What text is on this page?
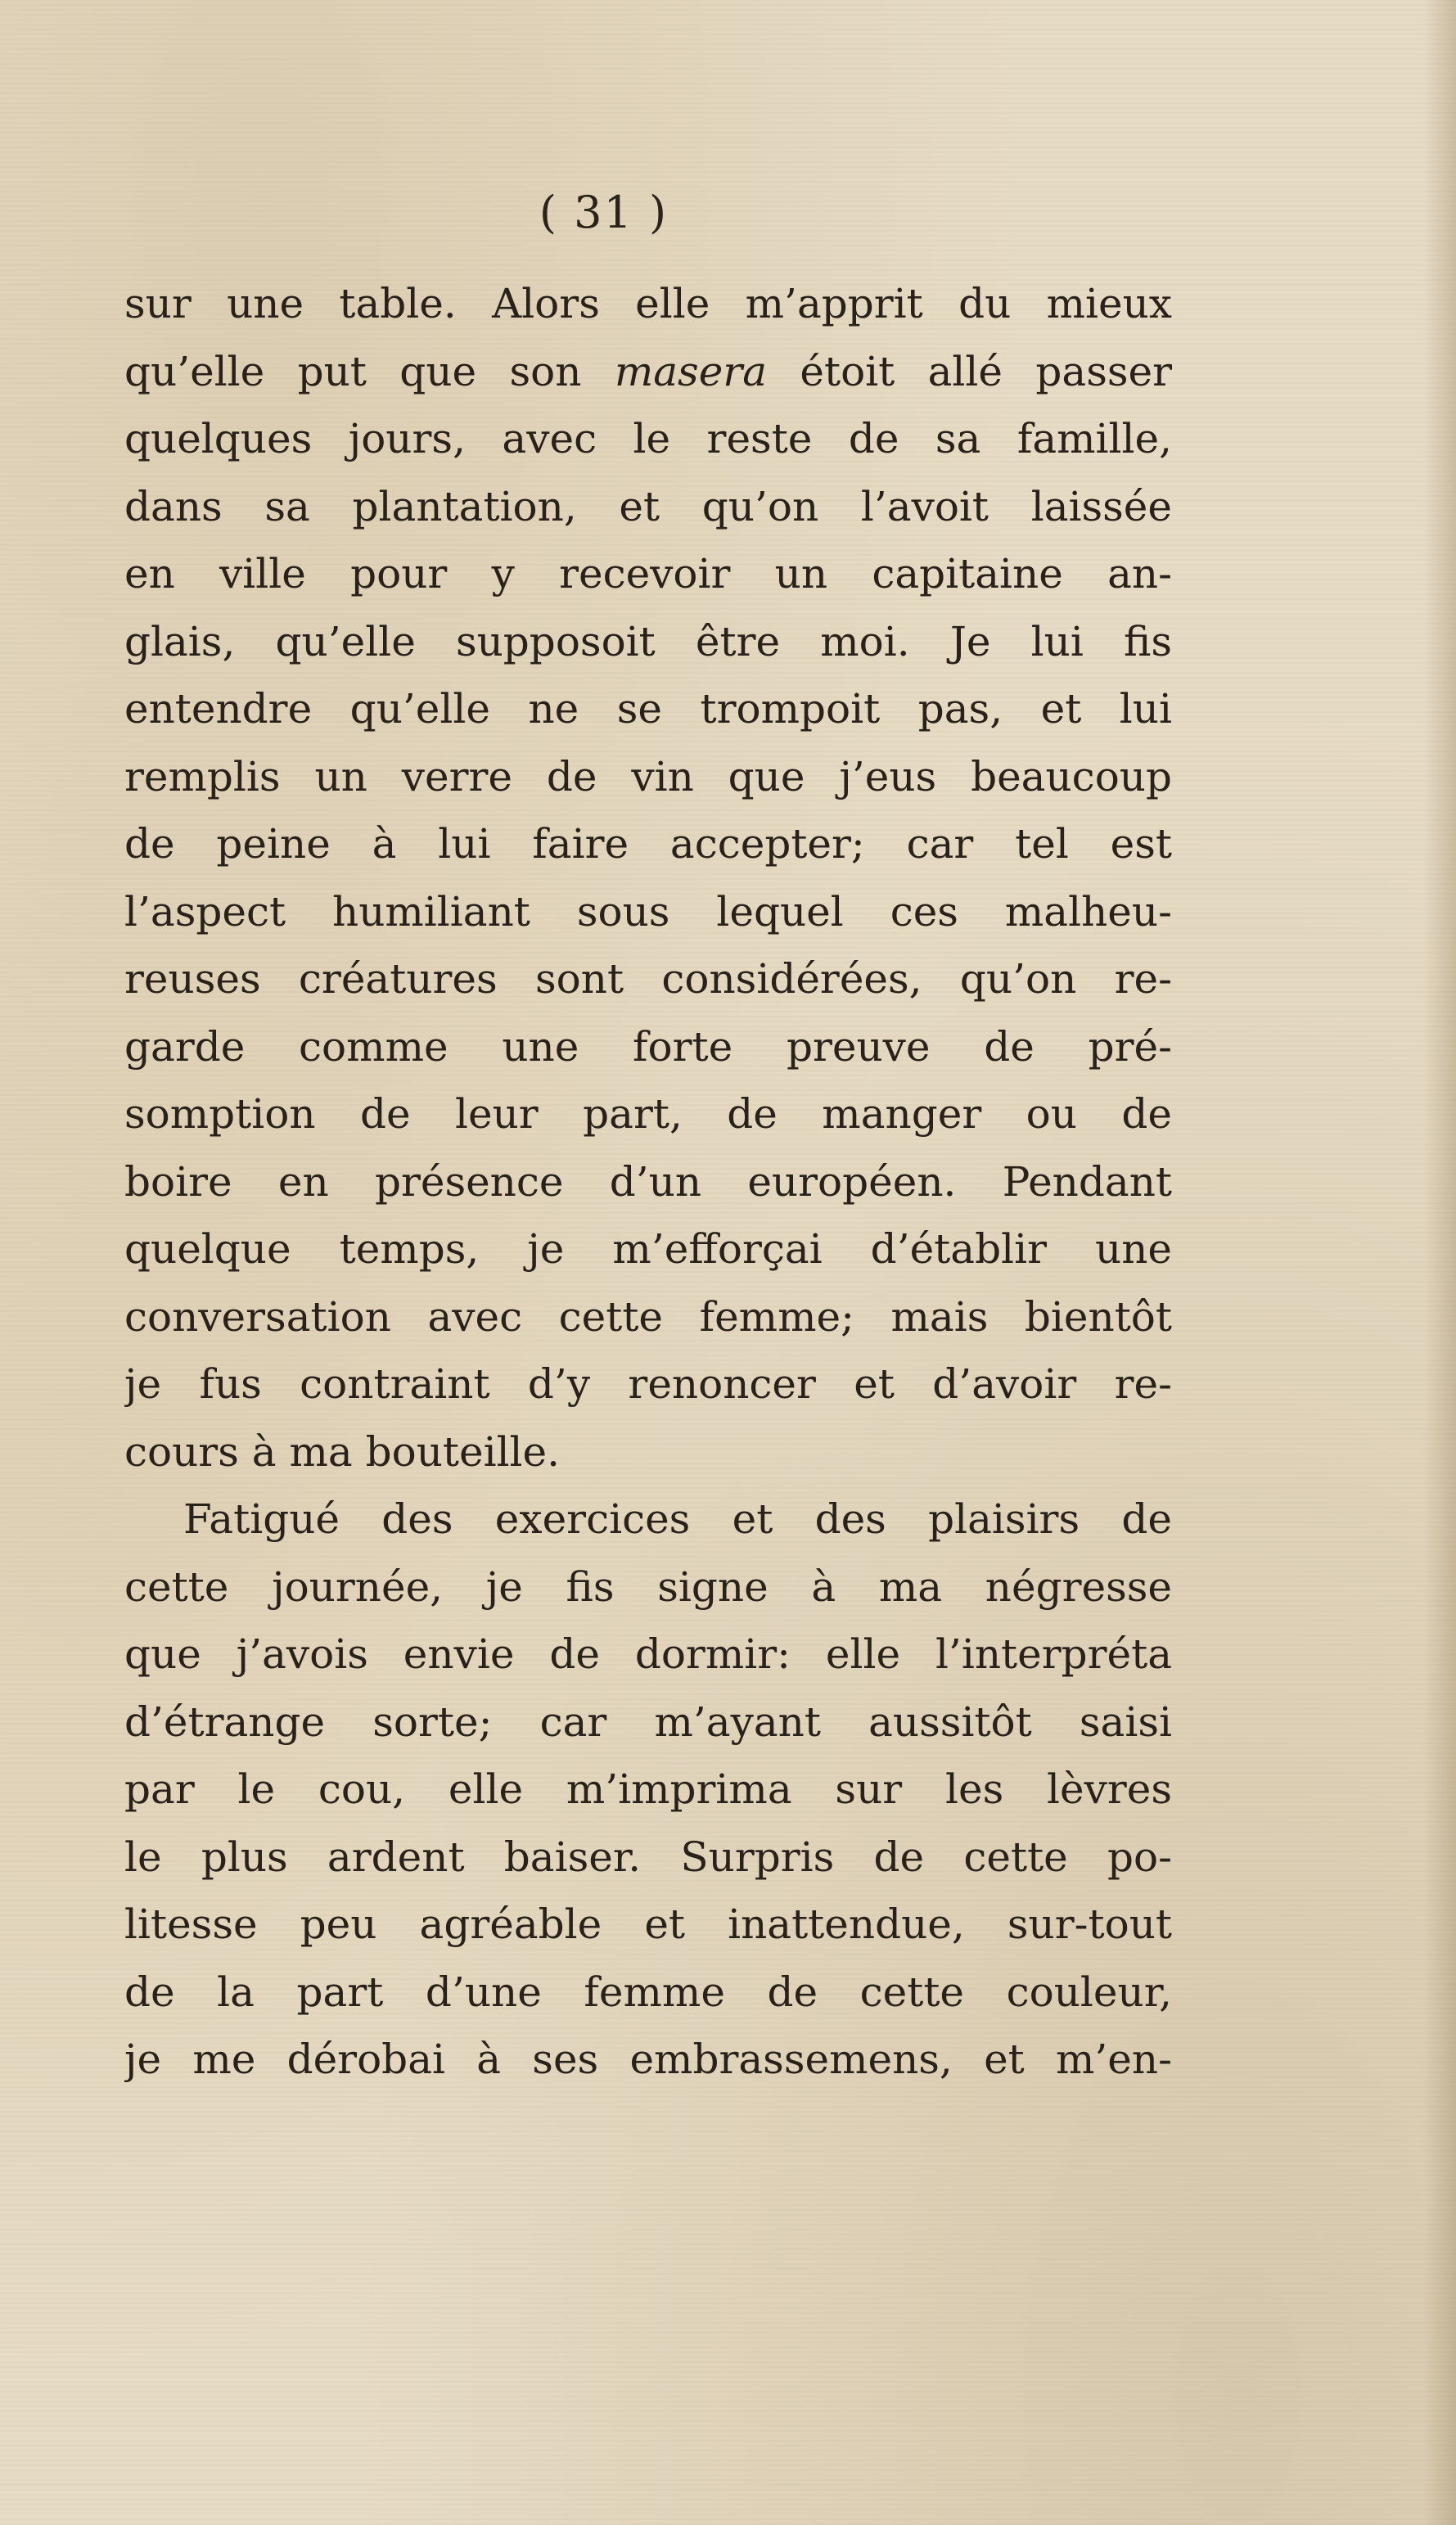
( 31 )
sur une table. Alors elle m’apprit du mieux
qu’elle put que son masera étoit allé passer
quelques jours, avec le reste de sa famille,
dans sa plantation, et qu’on l’avoit laissée
en ville pour y recevoir un capitaine an-
glais, qu’elle supposoit être moi. Je lui fis
entendre qu’elle ne se trompoit pas, et lui
remplis un verre de vin que j’eus beaucoup
de peine à lui faire accepter; car tel est
l’aspect humiliant sous lequel ces malheu-
reuses créatures sont considérées, qu’on re-
garde comme une forte preuve de pré-
somption de leur part, de manger ou de
boire en présence d’un européen. Pendant
quelque temps, je m’efforçai d’établir une
conversation avec cette femme; mais bientôt
je fus contraint d’y renoncer et d’avoir re-
cours à ma bouteille.
Fatigué des exercices et des plaisirs de
cette journée, je fis signe à ma négresse
que j’avois envie de dormir: elle l’interpréta
d’étrange sorte; car m’ayant aussitôt saisi
par le cou, elle m’imprima sur les lèvres
le plus ardent baiser. Surpris de cette po-
litesse peu agréable et inattendue, sur-tout
de la part d’une femme de cette couleur,
je me dérobai à ses embrassemens, et m’en-
